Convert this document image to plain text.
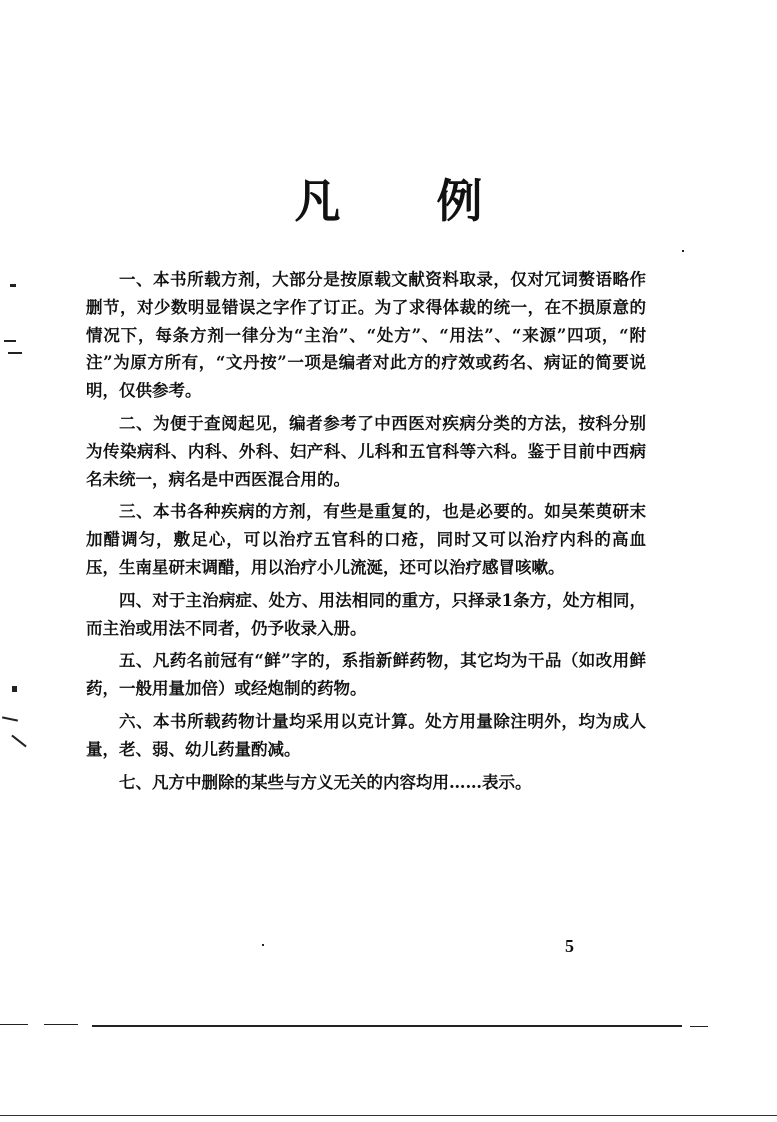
凡 例

一、本书所载方剂，大部分是按原载文献资料取录，仅对冗词赘语略作删节，对少数明显错误之字作了订正。为了求得体裁的统一，在不损原意的情况下，每条方剂一律分为“主治”、“处方”、“用法”、“来源”四项，“附注”为原方所有，“文丹按”一项是编者对此方的疗效或药名、病证的简要说明，仅供参考。

二、为便于查阅起见，编者参考了中西医对疾病分类的方法，按科分别为传染病科、内科、外科、妇产科、儿科和五官科等六科。鉴于目前中西病名未统一，病名是中西医混合用的。

三、本书各种疾病的方剂，有些是重复的，也是必要的。如吴茱萸研末加醋调匀，敷足心，可以治疗五官科的口疮，同时又可以治疗内科的高血压，生南星研末调醋，用以治疗小儿流涎，还可以治疗感冒咳嗽。

四、对于主治病症、处方、用法相同的重方，只择录1条方，处方相同，而主治或用法不同者，仍予收录入册。

五、凡药名前冠有“鲜”字的，系指新鲜药物，其它均为干品（如改用鲜药，一般用量加倍）或经炮制的药物。

六、本书所载药物计量均采用以克计算。处方用量除注明外，均为成人量，老、弱、幼儿药量酌减。

七、凡方中删除的某些与方义无关的内容均用……表示。

5
